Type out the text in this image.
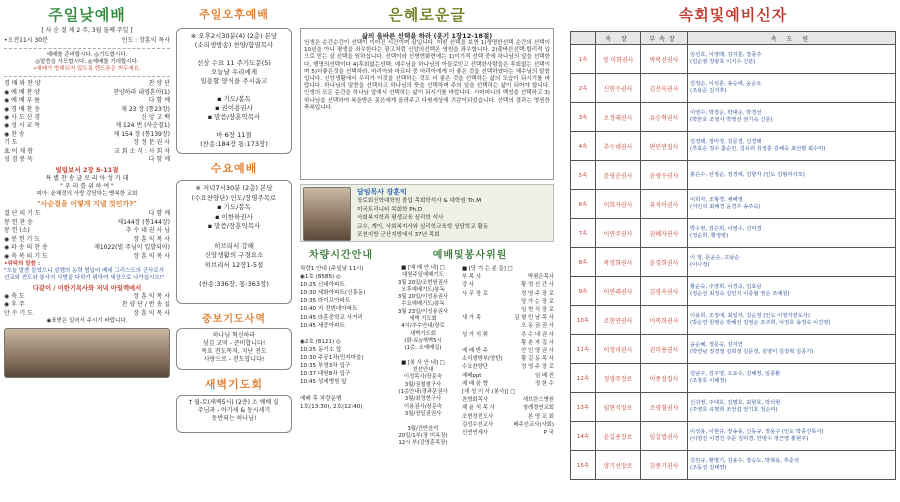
주일낮예배
[ 사 순 절 제 2 주, 3월 둘째 주일 ]
•오전11시 30분	인도 : 장훈익 목사
예배를 준비합시다. ◎기도합시다.
◎말씀을 사모합시다. ◎예배를 기대합시다.
•예배가 방해되지 않도록 핸드폰은 꺼두세요.
경 배 와 찬 양	찬 양 단
◉ 예 배 찬 양	찬양하라 내영혼아(1)
◉ 예 배 부 름	다 함 께
◉ 경 배 찬 송	제 23 장 (통23장)
◉ 사 도 신 경	신 앙 고 백
◉ 성 시 교 독	제 124 번 (사순절1)
◉ 찬 송	제 154 장 (통139장)
기 도	장 정 문 권 사
표 어 제 창	교 회 소 식 : 사 회 자
성 경 봉 독	다 함 께
빌립보서 2장 5-11절
특 별 찬 송 글 로 리 아 성 가 대
" 우 리 를 위 하 여 "
피아: 윤혜정의 사랑 감당하는 빵복한 교회
"사순절을 어떻게 지낼 것인가?"
결 단 의 기 도	다 함 께
봉 헌 찬 송	제144장 (통144장)
봉 헌 (소)	추 수 네 권 사 님
◉ 봉 헌 기 도	장 훈 익 목 사
◉ 파 송 의 찬 송	제1022(빌 주님이 입발되어)
◉ 축 복 의 기 도	장 훈 익 목 사
•위탁의 말씀 :
"오늘 말씀 들었으니 살렘의 농력 힘입어 베네 그리스도의 군사로서 선교와 전도와 봉사의 사명을 다하기 위하여 세상으로 나가십시오!"
다같이 / 이한기목사와 저녁 아일렉에서
◉ 축 도	장 훈 익 목 사
◉ 후 주	찬 양 단 / 반 송 실
안 수 기 도	장 훈 익 목 사
◉표받은 일어서 주시기 바랍니다.
주일오후예배
※ 오후2시30분(4) (2층) 본당
(소리생방송) 찬양/함열목사

선상 수요 11 주기도문(5)
오늘날 우리에게
일용할 양식을 주시옵고

▪ 기도/봉독
▪ 권이용권사
▪ 말씀/장훈익목사

마 6장 11절
(찬송:184장 통:173장)
수요예배
※ 저녁7시30분 (2층) 본당
(수요찬양단) 인도/장명주목로
▪ 기도/봉독
▪ 이한하권사
▪ 말씀/장훈익목사

히브리서 강해
신앙생활의 구경요소
히브리서 12장1-5절

(찬송:336장, 통:363장)
중보기도사역
하나님 혁신하라
섬김 교역 - 준비합니다!
목요 전도목저, 지난 전도
사랑으로 - 전도합니다!
새벽기도회
† 월-토(새벽5시) (2층) 소 예배 실
주님과 - 아가세 & 동시세기
동반되는 하나님!
은혜로운글
삶의 올바른 선택을 하라 (욧기 1장12-18절)
인생은 순간순간이 선택이 이어진 시간이며 살입니다. 어떤 선택을 보면 1)생명한선택 순간의 선택이 10년을 아니 평생을 좌우한다는 광고처럼 신앙의선택은 영원을 좌우합니다. 2)출바른선택:합리적 입으로 믿는 살 선택을 원하십니다. 선택이라 신명현화현에는 1)이기적 선택 중에 하나님의 앞을 선택한다, 행명의선택이다 4)후회없는선택: 예수님을 하나님의 아들로믿고 선택한사람들은 후회없는 선택이며 5)더좋은것을 선택하라. 마리아와 마르다 중 마리아에게 더 좋은 것을 선택하였다는 예수님의 말씀입니다. 신앙생활에서 우리가 이것을 선택하는 것도 더 좋은 것을 선택하는 삶의 모습이 되시기를 바랍니다. 하나님의 말씀을 선택하고 하나님의 뜻을 선택하며 주의 일을 선택하는 삶이 되어야 합니다. 인생의 모든 순간을 하나님 앞에서 선택하는 삶이 되시기를 바랍니다. 시어머니의 백성을 선택하고 3)하나님을 선택하여 복을받은 룻은에게 올려주고 다윗세상에 귀감이되었습니다. 선택의 결과는 영원한 축복입니다.
담임목사 장훈익
장로회신학대학원 졸업 목회학석사 & 대학원 Th.M
미국트리니티 목회학 Ph.D
사회복지학과 평생교육 심리학 석사
교수, 계이, 사회복지사와 심리학교육학 상담학교 활동
포천지방 군산지방에서 37년 목회
차량시간안내
차량1 안내 (주일낮 11시)
◉1호 (8585) ◎
10:25 신대아파트
10:30 세화아파트(신흥동)
10:35 라이프아파트
10:40 지 전변대아파트
10:45 라훈중학교 사거리
10:45 세중아파트

◉2호 (8121) ◎
10:25 동기소 앞
10:30 주공1차(민지마을)
10:35 부영3차 입구
10:37 대원8차 입구
10:45 성세병원 앞

예배 후 차량운행
1호(13:30), 2호(12:40)
예배및봉사위원
■ [예 배 안 내] □
대원주일예배기도
3월 20일/조현원권사
오후예배기도/봉독
3월 20일/이성용권사
수요예배기도/봉독
3월 23일/이성용권사
새벽 기도회
4시/추수안내/장로
새벽기도회
(화-토)/새벽5시
(1층, 소예배실)

■ [봉 사 안 내] □
친선안내
이정목사/장문숙
3월/권철철구사
(1층안내)경과문권사
3월/최정현구사
이용권사/장문숙
3월/장일권권사

3월/건반음악
20일/1부(장 미옥장)
12시 부(강영훈목장)
■ [당 기 는 분 들] □
부 목 사	박평은목사
강 사	황 정 선 간 사
사 무 장 로	정 영 주 장 로
당 가 는 장 로
임 현 식 장 로
새 가 족	김 형 민 남 목 사
오 동 권 권 사
성 가 지 휘	추 수 네 권 사
황 춘 자 집 사
예 배 반 주	안 인 영 권 사
소리생방부(양탄)	황 길 동 목 사
수요찬양단	정 영 주 장 로
예배ppt	임 베 진
예 배 음 향	정 한 수
[새 성 이 사 (봉사)] □
찬명회목사	세브란스병원
제 윤 석 목 사	청례경연교회
조현정전도사	본 영 교 회
김성수선교사	배주선교사(사회)
신연연세사	P 국
속회및예비신자
	속 장	부속장	속 도 원
1속	정 미희권사	박복선권사	임선호, 이영래, 김지훈, 장종주
(김순영 정광호 이지수 신분)

2속	신현수권사	김선숙권사	김정순, 이석훈, 송승애, 윤순오
(조용준 김지후)

3속	오정래권사	유승혁권사	이영수, 박경순, 박대순, 박경선
(박한호 조영사 박영선 권기숙 신분)

4속	추수네권사	편민연집사	김경래, 정미경, 김문경, 신경래
(추효순 정수 홀순인, 김유리 김정훈 김혜숙 최선평 최수미)

5속	윤영순권사	윤영수권사	홍은수, 선정순, 정경애, 김향자 (인도 김형미사모)

6속	이희자권사	유석이권사	이희자, 조형경, 채혜영
(서인석 최해경 윤경주 송주숙)

7속	이연주권사	권혜자권사	박수현, 김은희, 이영수, 신미경
(정순희, 황정랑)

8속	곽경희권사	윤경희권사	이 정, 문윤순, 고남순
(이나정)

9속	이연래권사	김경숙권사	황순숙, 주영희, 이경숙, 김효남
(정순선 최정숙 김민지 이종월 권순 조예원)

10속	조현연권사	이복희권사	이용희, 조정애, 최일자, 김순정 (인도 이영자전도사)
(박순연 원병순 박혜선 김영순 조주희, 이정호 송정숙 이진영)

11속	이정미권사	권미용권사	윤순혜, 정문숙, 김지연
(박연남 정경열 김희정 김문정, 김양미 김정혁 김종기)

12속	정영주장로	이종섭집사	김남구, 김주영, 오요수, 김혜정, 임종환
(조창호 이혜정)

13속	임현식장로	조영철권사	신귀영, 주대호, 김명호, 최현호, 박석현
(주영호 유명희 조언섭 권기호 정순미)

14속	윤길용장로	임길법권사	이성용, 이현규, 장송용, 신동규, 정용구 (인도 박종진목사)
(이영진 이경진 주문 김미경, 안병수 정근영 홍현주)

15속	양기선장로	김종기권사	김원규, 황명기, 김용수, 장승도, 박혁용, 추준석
(조동성 김태연)
